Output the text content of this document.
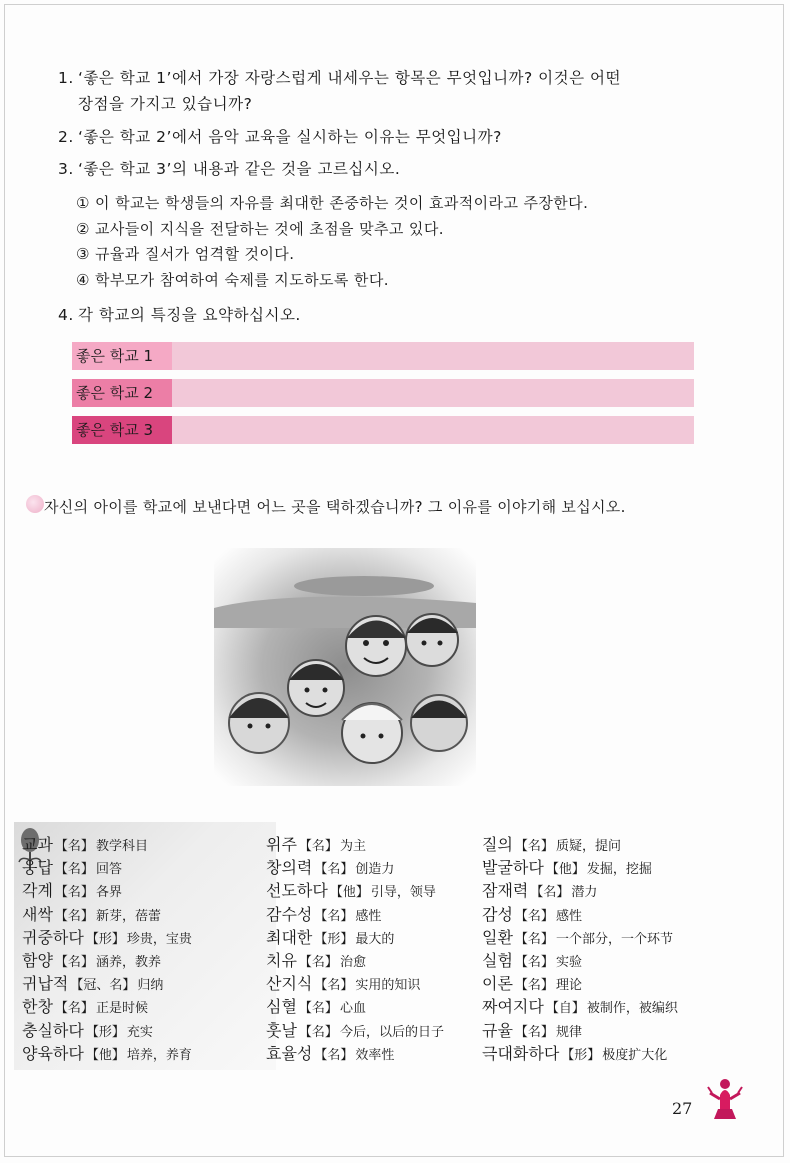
1. ‘좋은 학교 1’에서 가장 자랑스럽게 내세우는 항목은 무엇입니까? 이것은 어떤
장점을 가지고 있습니까?
2. ‘좋은 학교 2’에서 음악 교육을 실시하는 이유는 무엇입니까?
3. ‘좋은 학교 3’의 내용과 같은 것을 고르십시오.
① 이 학교는 학생들의 자유를 최대한 존중하는 것이 효과적이라고 주장한다.
② 교사들이 지식을 전달하는 것에 초점을 맞추고 있다.
③ 규율과 질서가 엄격할 것이다.
④ 학부모가 참여하여 숙제를 지도하도록 한다.
4. 각 학교의 특징을 요약하십시오.
좋은 학교 1
좋은 학교 2
좋은 학교 3
자신의 아이를 학교에 보낸다면 어느 곳을 택하겠습니까? 그 이유를 이야기해 보십시오.
교과 【名】 教学科目
응답 【名】 回答
각계 【名】 各界
새싹 【名】 新芽，蓓蕾
귀중하다 【形】 珍贵，宝贵
함양 【名】 涵养，教养
귀납적 【冠、名】 归纳
한창 【名】 正是时候
충실하다 【形】 充实
양육하다 【他】 培养，养育
위주 【名】 为主
창의력 【名】 创造力
선도하다 【他】 引导，领导
감수성 【名】 感性
최대한 【形】 最大的
치유 【名】 治愈
산지식 【名】 实用的知识
심혈 【名】 心血
훗날 【名】 今后，以后的日子
효율성 【名】 效率性
질의 【名】 质疑，提问
발굴하다 【他】 发掘，挖掘
잠재력 【名】 潜力
감성 【名】 感性
일환 【名】 一个部分，一个环节
실험 【名】 实验
이론 【名】 理论
짜여지다 【自】 被制作，被编织
규율 【名】 规律
극대화하다 【形】 极度扩大化
27
